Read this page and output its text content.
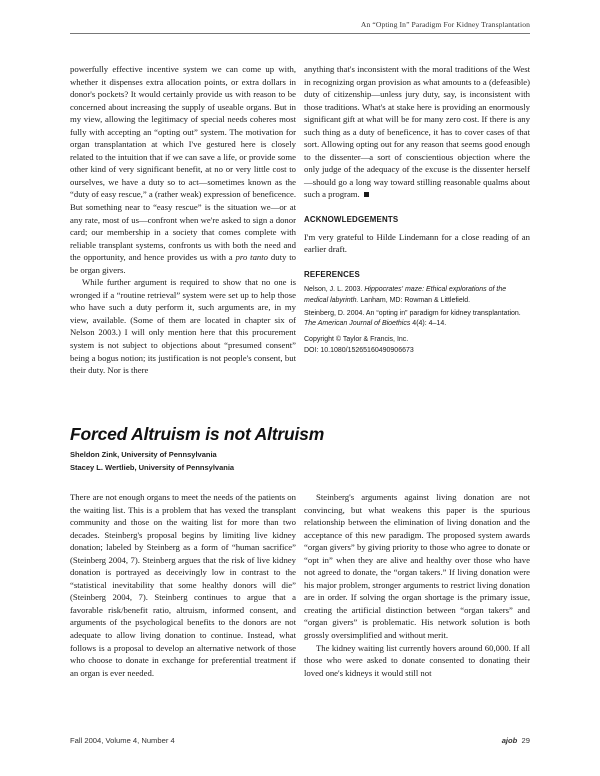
An “Opting In” Paradigm For Kidney Transplantation

powerfully effective incentive system we can come up with, whether it dispenses extra allocation points, or extra dollars in donor's pockets? It would certainly provide us with reason to be concerned about increasing the supply of useable organs. But in my view, allowing the legitimacy of special needs coheres most fully with accepting an “opting out” system. The motivation for organ transplantation at which I've gestured here is closely related to the intuition that if we can save a life, or provide some other kind of very significant benefit, at no or very little cost to ourselves, we have a duty so to act—sometimes known as the “duty of easy rescue,” a (rather weak) expression of beneficence. But something near to “easy rescue” is the situation we—or at any rate, most of us—confront when we're asked to sign a donor card; our membership in a society that comes complete with reliable transplant systems, confronts us with both the need and the opportunity, and hence provides us with a pro tanto duty to be organ givers.

While further argument is required to show that no one is wronged if a “routine retrieval” system were set up to help those who have such a duty perform it, such arguments are, in my view, available. (Some of them are located in chapter six of Nelson 2003.) I will only mention here that this procurement system is not subject to objections about “presumed consent” being a bogus notion; its justification is not people's consent, but their duty. Nor is there

anything that's inconsistent with the moral traditions of the West in recognizing organ provision as what amounts to a (defeasible) duty of citizenship—unless jury duty, say, is inconsistent with those traditions. What's at stake here is providing an enormously significant gift at what will be for many zero cost. If there is any such thing as a duty of beneficence, it has to cover cases of that sort. Allowing opting out for any reason that seems good enough to the dissenter—a sort of conscientious objection where the only judge of the adequacy of the excuse is the dissenter herself—should go a long way toward stilling reasonable qualms about such a program.

ACKNOWLEDGEMENTS

I'm very grateful to Hilde Lindemann for a close reading of an earlier draft.

REFERENCES
Nelson, J. L. 2003. Hippocrates' maze: Ethical explorations of the medical labyrinth. Lanham, MD: Rowman & Littlefield.
Steinberg, D. 2004. An “opting in” paradigm for kidney transplantation. The American Journal of Bioethics 4(4): 4–14.
Copyright © Taylor & Francis, Inc.
DOI: 10.1080/15265160490906673
Forced Altruism is not Altruism
Sheldon Zink, University of Pennsylvania
Stacey L. Wertlieb, University of Pennsylvania

There are not enough organs to meet the needs of the patients on the waiting list. This is a problem that has vexed the transplant community and those on the waiting list for more than two decades. Steinberg's proposal begins by limiting live kidney donation; labeled by Steinberg as a form of “human sacrifice” (Steinberg 2004, 7). Steinberg argues that the risk of live kidney donation is portrayed as deceivingly low in contrast to the “statistical inevitability that some healthy donors will die” (Steinberg 2004, 7). Steinberg continues to argue that a favorable risk/benefit ratio, altruism, informed consent, and arguments of the psychological benefits to the donors are not adequate to allow living donation to continue. Instead, what follows is a proposal to develop an alternative network of those who choose to donate in exchange for preferential treatment if an organ is ever needed.

Steinberg's arguments against living donation are not convincing, but what weakens this paper is the spurious relationship between the elimination of living donation and the acceptance of this new paradigm. The proposed system awards “organ givers” by giving priority to those who agree to donate or “opt in” when they are alive and healthy over those who have not agreed to donate, the “organ takers.” If living donation were his major problem, stronger arguments to restrict living donation are in order. If solving the organ shortage is the primary issue, creating the artificial distinction between “organ takers” and “organ givers” is problematic. His network solution is both grossly oversimplified and without merit.

The kidney waiting list currently hovers around 60,000. If all those who were asked to donate consented to donating their loved one's kidneys it would still not

Fall 2004, Volume 4, Number 4	ajob 29
